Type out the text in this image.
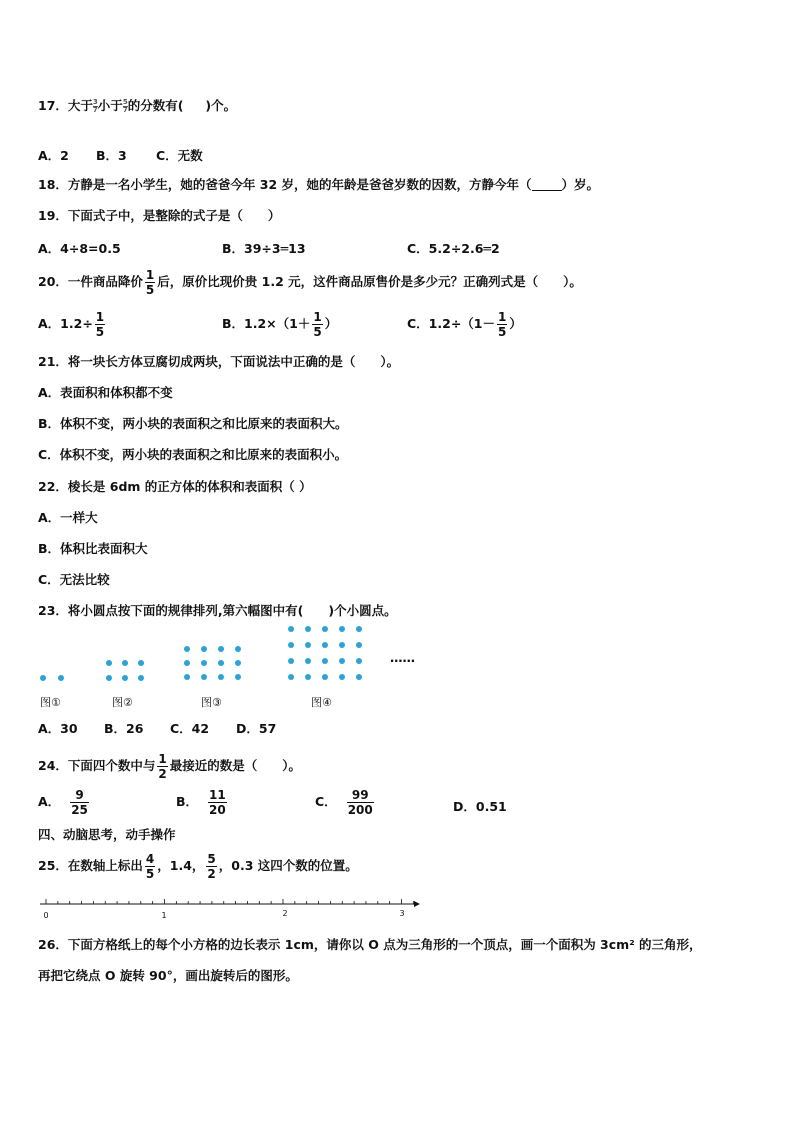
17．大于 $\frac{3}{7}$ 小于 $\frac{5}{7}$ 的分数有( )个。
A．2 B．3 C．无数
18．方静是一名小学生，她的爸爸今年 32 岁，她的年龄是爸爸岁数的因数，方静今年（ ）岁。
19．下面式子中，是整除的式子是（　　）
A．4÷8=0.5	B．39÷3═13	C．5.2÷2.6═2
20．一件商品降价 $\frac{1}{5}$ 后，原价比现价贵 1.2 元，这件商品原售价是多少元？正确列式是（　　）。
A．$1.2\div \frac{1}{5}$	B．$1.2\times(1+ \frac{1}{5}$ ）	C．$1.2\div(1- \frac{1}{5}$ ）
21．将一块长方体豆腐切成两块，下面说法中正确的是（　　）。
A．表面积和体积都不变
B．体积不变，两小块的表面积之和比原来的表面积大。
C．体积不变，两小块的表面积之和比原来的表面积小。
22．棱长是 6dm 的正方体的体积和表面积（ ）
A．一样大
B．体积比表面积大
C．无法比较
23．将小圆点按下面的规律排列,第六幅图中有(　　)个小圆点。
图①	图②	图③	图④
……
A．30 B．26 C．42 D．57
24．下面四个数中与 $\frac{1}{2}$ 最接近的数是（　　）。
A． $\frac{9}{25}$	B． $\frac{11}{20}$	C． $\frac{99}{200}$	D．0.51
四、动脑思考，动手操作
25．在数轴上标出 $\frac{4}{5}$ ，1.4， $\frac{5}{2}$ ，0.3 这四个数的位置。
0	1	2	3
26．下面方格纸上的每个小方格的边长表示 1cm，请你以 O 点为三角形的一个顶点，画一个面积为 3cm² 的三角形，
再把它绕点 O 旋转 90°，画出旋转后的图形。
